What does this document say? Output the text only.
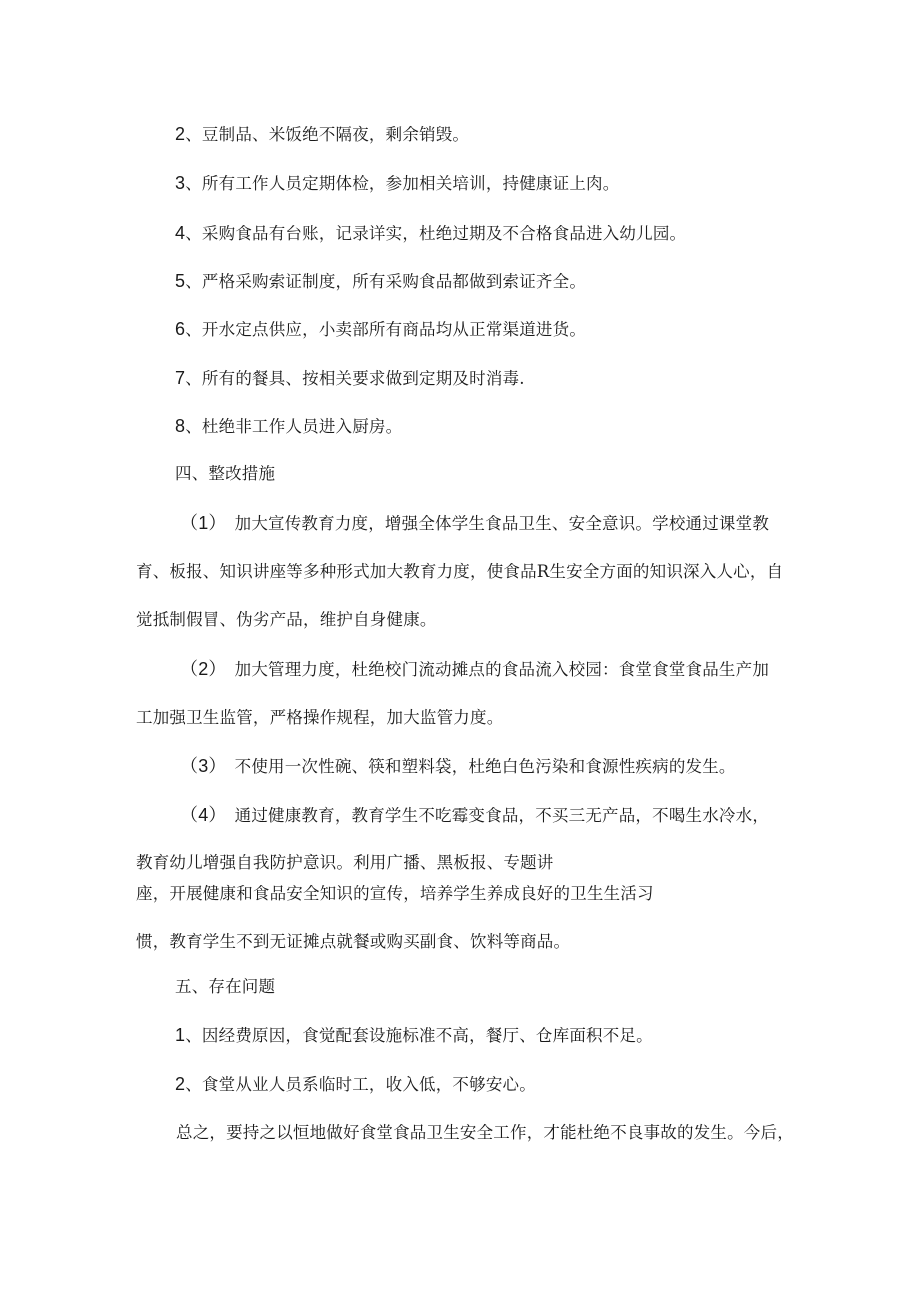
2、豆制品、米饭绝不隔夜，剩余销毁。
3、所有工作人员定期体检，参加相关培训，持健康证上肉。
4、采购食品有台账，记录详实，杜绝过期及不合格食品进入幼儿园。
5、严格采购索证制度，所有采购食品都做到索证齐全。
6、开水定点供应，小卖部所有商品均从正常渠道进货。
7、所有的餐具、按相关要求做到定期及时消毒.
8、杜绝非工作人员进入厨房。
四、整改措施
（1） 加大宣传教育力度，增强全体学生食品卫生、安全意识。学校通过课堂教
育、板报、知识讲座等多种形式加大教育力度，使食品R生安全方面的知识深入人心，自
觉抵制假冒、伪劣产品，维护自身健康。
（2） 加大管理力度，杜绝校门流动摊点的食品流入校园：食堂食堂食品生产加
工加强卫生监管，严格操作规程，加大监管力度。
（3） 不使用一次性碗、筷和塑料袋，杜绝白色污染和食源性疾病的发生。
（4） 通过健康教育，教育学生不吃霉变食品，不买三无产品，不喝生水冷水，
教育幼儿增强自我防护意识。利用广播、黑板报、专题讲
座，开展健康和食品安全知识的宣传，培养学生养成良好的卫生生活习
惯，教育学生不到无证摊点就餐或购买副食、饮料等商品。
五、存在问题
1、因经费原因，食觉配套设施标准不高，餐厅、仓库面积不足。
2、食堂从业人员系临时工，收入低，不够安心。
总之，要持之以恒地做好食堂食品卫生安全工作，才能杜绝不良事故的发生。今后，
